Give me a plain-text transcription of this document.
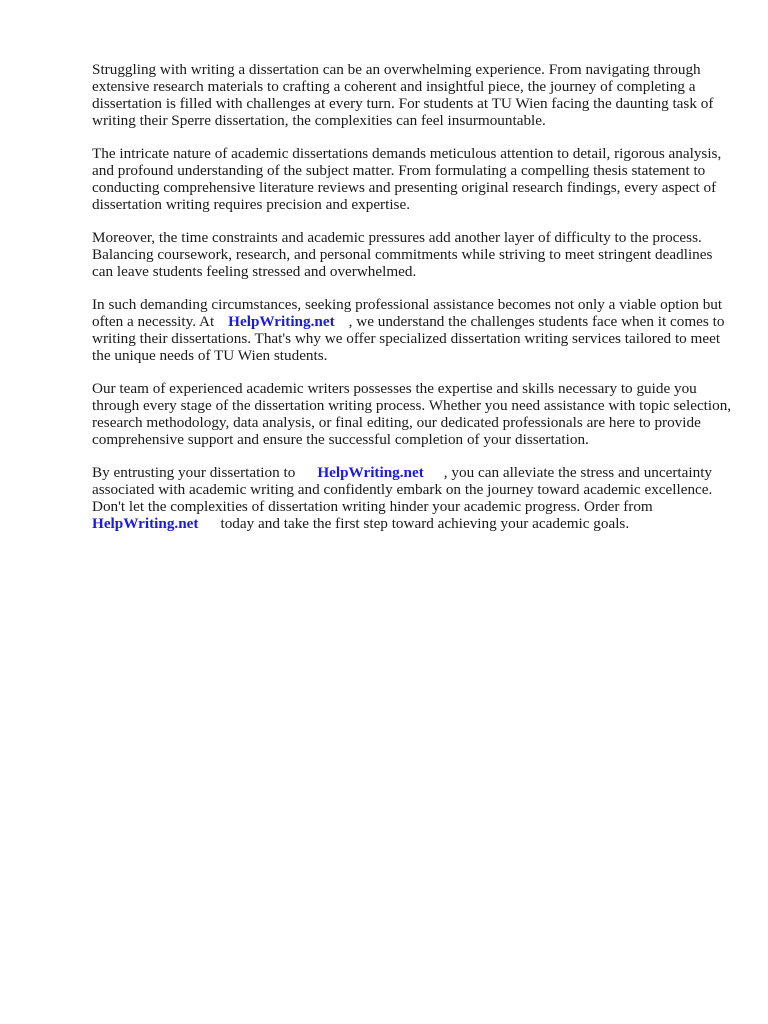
Struggling with writing a dissertation can be an overwhelming experience. From navigating through extensive research materials to crafting a coherent and insightful piece, the journey of completing a dissertation is filled with challenges at every turn. For students at TU Wien facing the daunting task of writing their Sperre dissertation, the complexities can feel insurmountable.

The intricate nature of academic dissertations demands meticulous attention to detail, rigorous analysis, and profound understanding of the subject matter. From formulating a compelling thesis statement to conducting comprehensive literature reviews and presenting original research findings, every aspect of dissertation writing requires precision and expertise.

Moreover, the time constraints and academic pressures add another layer of difficulty to the process. Balancing coursework, research, and personal commitments while striving to meet stringent deadlines can leave students feeling stressed and overwhelmed.

In such demanding circumstances, seeking professional assistance becomes not only a viable option but often a necessity. At HelpWriting.net , we understand the challenges students face when it comes to writing their dissertations. That's why we offer specialized dissertation writing services tailored to meet the unique needs of TU Wien students.

Our team of experienced academic writers possesses the expertise and skills necessary to guide you through every stage of the dissertation writing process. Whether you need assistance with topic selection, research methodology, data analysis, or final editing, our dedicated professionals are here to provide comprehensive support and ensure the successful completion of your dissertation.

By entrusting your dissertation to HelpWriting.net , you can alleviate the stress and uncertainty associated with academic writing and confidently embark on the journey toward academic excellence. Don't let the complexities of dissertation writing hinder your academic progress. Order fromHelpWriting.net today and take the first step toward achieving your academic goals.
